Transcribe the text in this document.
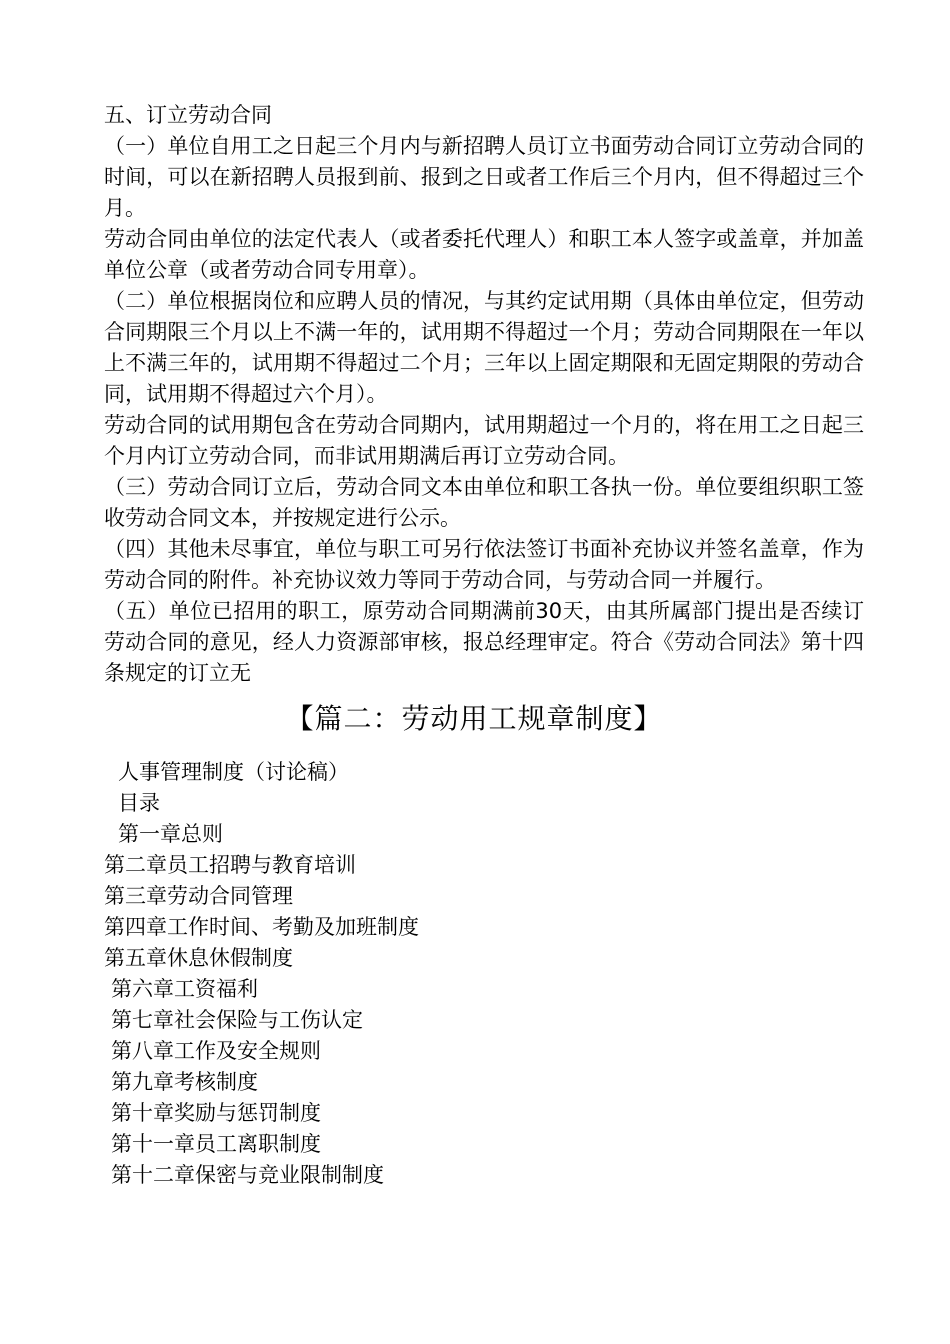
五、订立劳动合同

（一）单位自用工之日起三个月内与新招聘人员订立书面劳动合同订立劳动合同的时间，可以在新招聘人员报到前、报到之日或者工作后三个月内，但不得超过三个月。

劳动合同由单位的法定代表人（或者委托代理人）和职工本人签字或盖章，并加盖单位公章（或者劳动合同专用章）。

（二）单位根据岗位和应聘人员的情况，与其约定试用期（具体由单位定，但劳动合同期限三个月以上不满一年的，试用期不得超过一个月；劳动合同期限在一年以上不满三年的，试用期不得超过二个月；三年以上固定期限和无固定期限的劳动合同，试用期不得超过六个月）。

劳动合同的试用期包含在劳动合同期内，试用期超过一个月的，将在用工之日起三个月内订立劳动合同，而非试用期满后再订立劳动合同。

（三）劳动合同订立后，劳动合同文本由单位和职工各执一份。单位要组织职工签收劳动合同文本，并按规定进行公示。

（四）其他未尽事宜，单位与职工可另行依法签订书面补充协议并签名盖章，作为劳动合同的附件。补充协议效力等同于劳动合同，与劳动合同一并履行。

（五）单位已招用的职工，原劳动合同期满前30天，由其所属部门提出是否续订劳动合同的意见，经人力资源部审核，报总经理审定。符合《劳动合同法》第十四条规定的订立无

【篇二：劳动用工规章制度】
人事管理制度（讨论稿）
目录
第一章总则
第二章员工招聘与教育培训
第三章劳动合同管理
第四章工作时间、考勤及加班制度
第五章休息休假制度
第六章工资福利
第七章社会保险与工伤认定
第八章工作及安全规则
第九章考核制度
第十章奖励与惩罚制度
第十一章员工离职制度
第十二章保密与竞业限制制度
